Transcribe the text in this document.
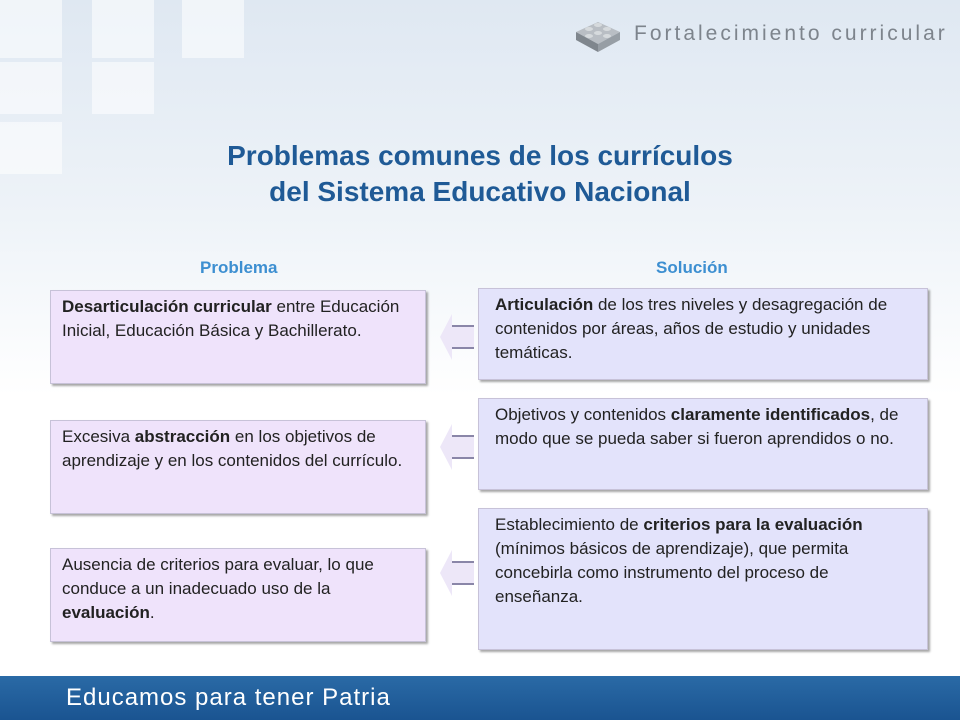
Fortalecimiento curricular
Problemas comunes de los currículos
del Sistema Educativo Nacional
Problema	Solución
Desarticulación curricular entre Educación Inicial, Educación Básica y Bachillerato.
Articulación de los tres niveles y desagregación de contenidos por áreas, años de estudio y unidades temáticas.
Excesiva abstracción en los objetivos de aprendizaje y en los contenidos del currículo.
Objetivos y contenidos claramente identificados, de modo que se pueda saber si fueron aprendidos o no.
Ausencia de criterios para evaluar, lo que conduce a un inadecuado uso de la evaluación.
Establecimiento de criterios para la evaluación (mínimos básicos de aprendizaje), que permita concebirla como instrumento del proceso de enseñanza.
Educamos para tener Patria
